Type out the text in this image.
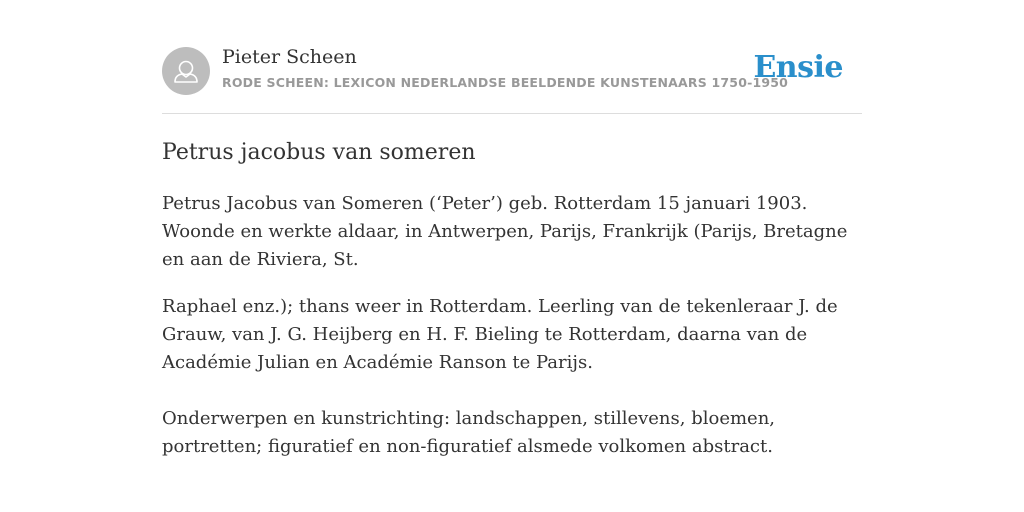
Pieter Scheen
RODE SCHEEN: LEXICON NEDERLANDSE BEELDENDE KUNSTENAARS 1750-1950
Ensie
Petrus jacobus van someren

Petrus Jacobus van Someren (‘Peter’) geb. Rotterdam 15 januari 1903. Woonde en werkte aldaar, in Antwerpen, Parijs, Frankrijk (Parijs, Bretagne en aan de Riviera, St.

Raphael enz.); thans weer in Rotterdam. Leerling van de tekenleraar J. de Grauw, van J. G. Heijberg en H. F. Bieling te Rotterdam, daarna van de Académie Julian en Académie Ranson te Parijs.

Onderwerpen en kunstrichting: landschappen, stillevens, bloemen, portretten; figuratief en non-figuratief alsmede volkomen abstract.
